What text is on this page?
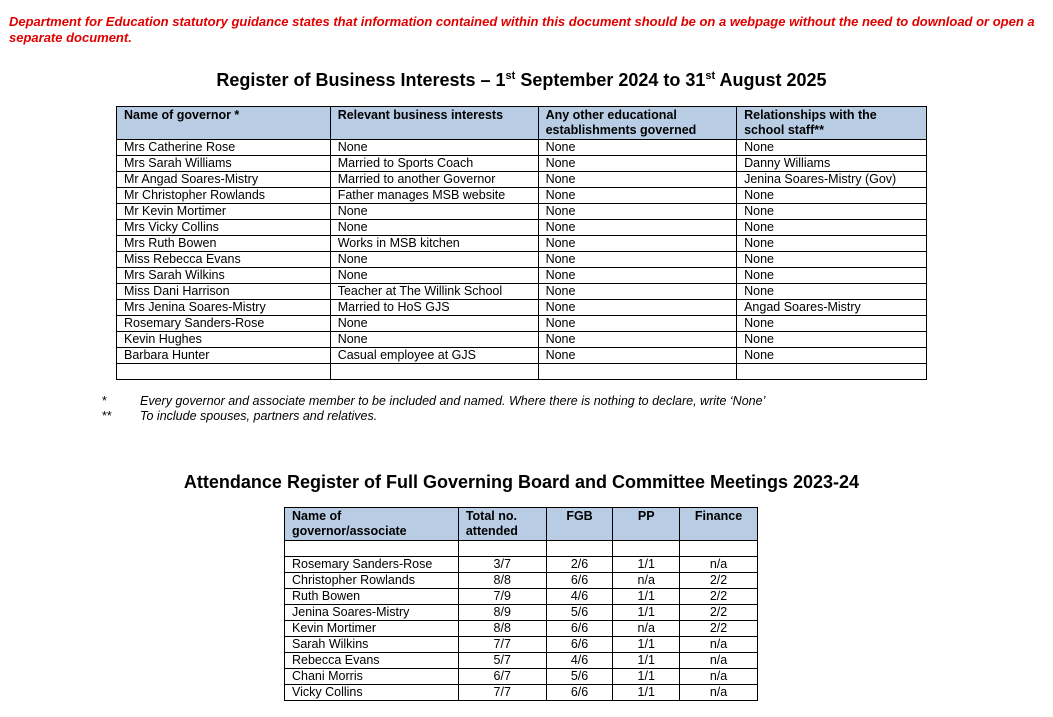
Department for Education statutory guidance states that information contained within this document should be on a webpage without the need to download or open a separate document.
Register of Business Interests – 1st September 2024 to 31st August 2025
Name of governor *	Relevant business interests	Any other educational establishments governed	Relationships with the school staff**
Mrs Catherine Rose	None	None	None
Mrs Sarah Williams	Married to Sports Coach	None	Danny Williams
Mr Angad Soares-Mistry	Married to another Governor	None	Jenina Soares-Mistry (Gov)
Mr Christopher Rowlands	Father manages MSB website	None	None
Mr Kevin Mortimer	None	None	None
Mrs Vicky Collins	None	None	None
Mrs Ruth Bowen	Works in MSB kitchen	None	None
Miss Rebecca Evans	None	None	None
Mrs Sarah Wilkins	None	None	None
Miss Dani Harrison	Teacher at The Willink School	None	None
Mrs Jenina Soares-Mistry	Married to HoS GJS	None	Angad Soares-Mistry
Rosemary Sanders-Rose	None	None	None
Kevin Hughes	None	None	None
Barbara Hunter	Casual employee at GJS	None	None

*	Every governor and associate member to be included and named. Where there is nothing to declare, write ‘None’
**	To include spouses, partners and relatives.
Attendance Register of Full Governing Board and Committee Meetings 2023-24
Name of governor/associate	Total no. attended	FGB	PP	Finance

Rosemary Sanders-Rose	3/7	2/6	1/1	n/a
Christopher Rowlands	8/8	6/6	n/a	2/2
Ruth Bowen	7/9	4/6	1/1	2/2
Jenina Soares-Mistry	8/9	5/6	1/1	2/2
Kevin Mortimer	8/8	6/6	n/a	2/2
Sarah Wilkins	7/7	6/6	1/1	n/a
Rebecca Evans	5/7	4/6	1/1	n/a
Chani Morris	6/7	5/6	1/1	n/a
Vicky Collins	7/7	6/6	1/1	n/a
